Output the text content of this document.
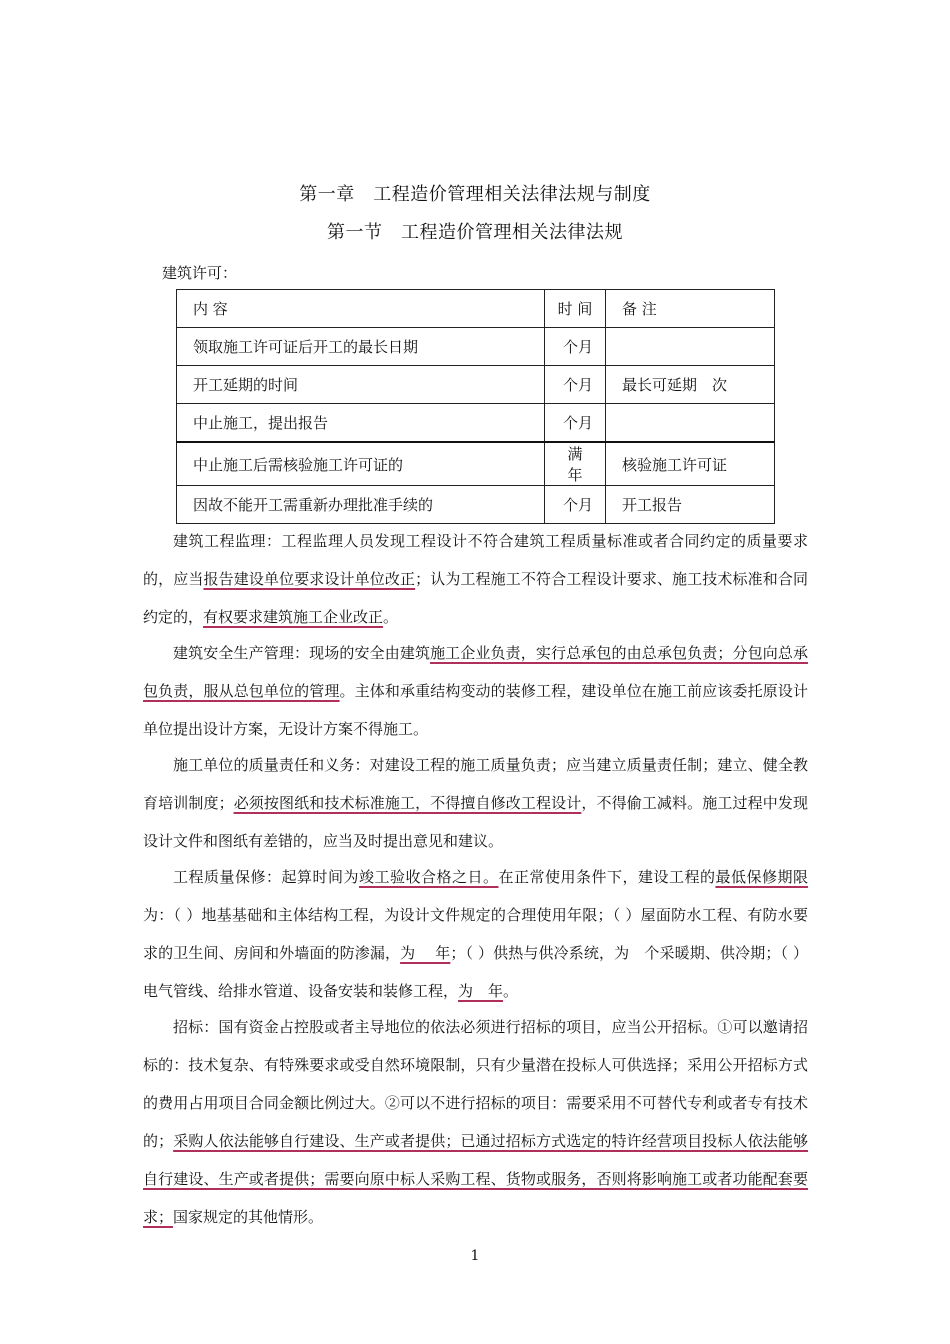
第一章　工程造价管理相关法律法规与制度
第一节　工程造价管理相关法律法规
建筑许可：
内 容	时 间	备 注
领取施工许可证后开工的最长日期	个月	
开工延期的时间	个月	最长可延期　次
中止施工，提出报告	个月	
中止施工后需核验施工许可证的	满　年	核验施工许可证
因故不能开工需重新办理批准手续的	个月	开工报告
建筑工程监理：工程监理人员发现工程设计不符合建筑工程质量标准或者合同约定的质量要求的，应当报告建设单位要求设计单位改正；认为工程施工不符合工程设计要求、施工技术标准和合同约定的，有权要求建筑施工企业改正。
建筑安全生产管理：现场的安全由建筑施工企业负责，实行总承包的由总承包负责；分包向总承包负责，服从总包单位的管理。主体和承重结构变动的装修工程，建设单位在施工前应该委托原设计单位提出设计方案，无设计方案不得施工。
施工单位的质量责任和义务：对建设工程的施工质量负责；应当建立质量责任制；建立、健全教育培训制度；必须按图纸和技术标准施工，不得擅自修改工程设计，不得偷工减料。施工过程中发现设计文件和图纸有差错的，应当及时提出意见和建议。
工程质量保修：起算时间为竣工验收合格之日。在正常使用条件下，建设工程的最低保修期限为：（ ）地基基础和主体结构工程，为设计文件规定的合理使用年限；（ ）屋面防水工程、有防水要求的卫生间、房间和外墙面的防渗漏，为　 年；（ ）供热与供冷系统，为　个采暖期、供冷期；（ ）电气管线、给排水管道、设备安装和装修工程，为　年。
招标：国有资金占控股或者主导地位的依法必须进行招标的项目，应当公开招标。①可以邀请招标的：技术复杂、有特殊要求或受自然环境限制，只有少量潜在投标人可供选择；采用公开招标方式的费用占用项目合同金额比例过大。②可以不进行招标的项目：需要采用不可替代专利或者专有技术的；采购人依法能够自行建设、生产或者提供；已通过招标方式选定的特许经营项目投标人依法能够自行建设、生产或者提供；需要向原中标人采购工程、货物或服务，否则将影响施工或者功能配套要求；国家规定的其他情形。
1
